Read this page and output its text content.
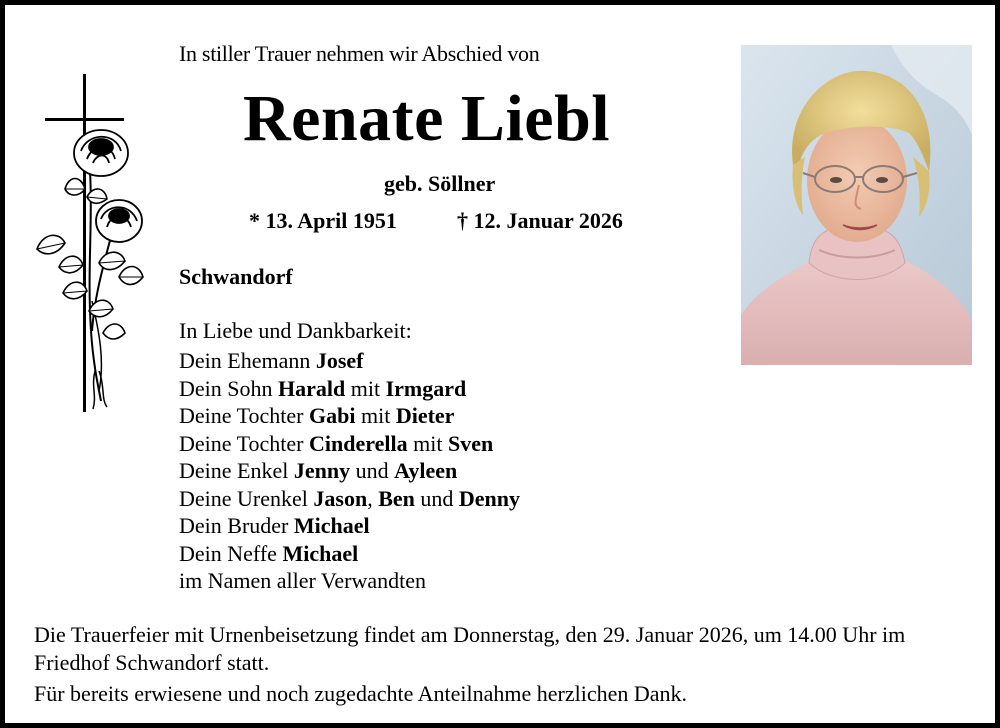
In stiller Trauer nehmen wir Abschied von
Renate Liebl
geb. Söllner
* 13. April 1951	† 12. Januar 2026
Schwandorf
In Liebe und Dankbarkeit:
Dein Ehemann Josef
Dein Sohn Harald mit Irmgard
Deine Tochter Gabi mit Dieter
Deine Tochter Cinderella mit Sven
Deine Enkel Jenny und Ayleen
Deine Urenkel Jason, Ben und Denny
Dein Bruder Michael
Dein Neffe Michael
im Namen aller Verwandten
Die Trauerfeier mit Urnenbeisetzung findet am Donnerstag, den 29. Januar 2026, um 14.00 Uhr im Friedhof Schwandorf statt.
Für bereits erwiesene und noch zugedachte Anteilnahme herzlichen Dank.
